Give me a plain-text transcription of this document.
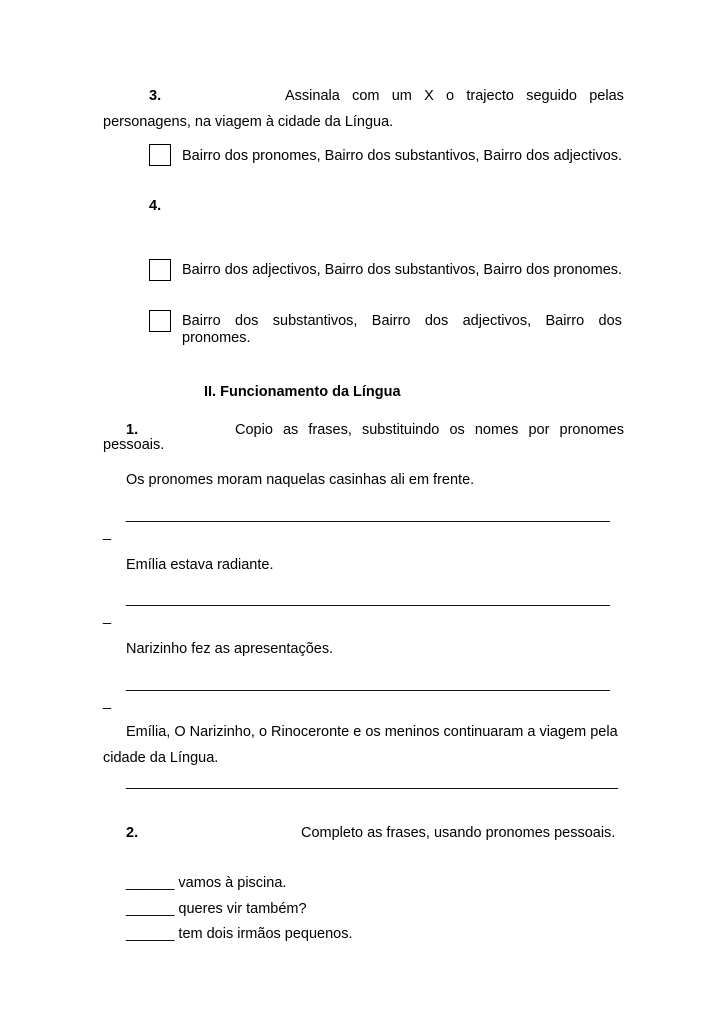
3.	Assinala com um X o trajecto seguido pelas
personagens, na viagem à cidade da Língua.
Bairro dos pronomes, Bairro dos substantivos, Bairro dos adjectivos.
4.
Bairro dos adjectivos, Bairro dos substantivos, Bairro dos pronomes.
Bairro dos substantivos, Bairro dos adjectivos, Bairro dos
pronomes.
II. Funcionamento da Língua
1.	Copio as frases, substituindo os nomes por pronomes
pessoais.
Os pronomes moram naquelas casinhas ali em frente.
____________________________________________________________
_
Emília estava radiante.
____________________________________________________________
_
Narizinho fez as apresentações.
____________________________________________________________
_
Emília, O Narizinho, o Rinoceronte e os meninos continuaram a viagem pela
cidade da Língua.
_____________________________________________________________
2.	Completo as frases, usando pronomes pessoais.
______ vamos à piscina.
______ queres vir também?
______ tem dois irmãos pequenos.
